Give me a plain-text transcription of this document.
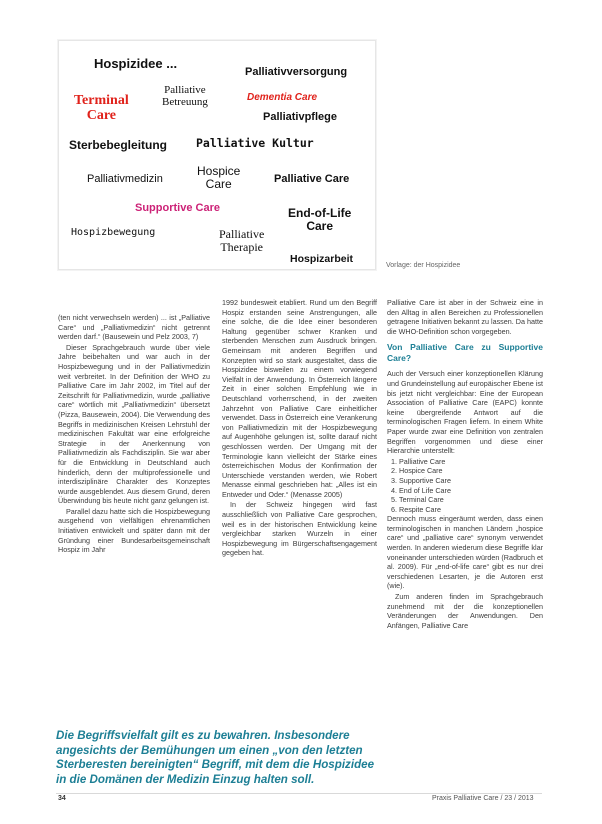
Hospizidee ...
Palliativversorgung
Palliative
Betreuung
Terminal
Care
Dementia Care
Palliativpflege
Sterbebegleitung	Palliative Kultur
Palliativmedizin
Hospice
Care	Palliative Care
Supportive Care	End-of-Life
Care
Hospizbewegung	Palliative
Therapie
Hospizarbeit
Vorlage: der Hospizidee

(ten nicht verwechseln werden) ... ist „Palliative Care“ und „Palliativmedizin“ nicht getrennt werden darf.“ (Bausewein und Pelz 2003, 7)

Dieser Sprachgebrauch wurde über viele Jahre beibehalten und war auch in der Hospizbewegung und in der Palliativmedizin weit verbreitet. In der Definition der WHO zu Palliative Care im Jahr 2002, im Titel auf der Zeitschrift für Palliativmedizin, wurde „palliative care“ wörtlich mit „Palliativmedizin“ übersetzt (Pizza, Bausewein, 2004). Die Verwendung des Begriffs in medizinischen Kreisen Lehrstuhl der medizinischen Fakultät war eine erfolgreiche Strategie in der Anerkennung von Palliativmedizin als Fachdisziplin. Sie war aber für die Entwicklung in Deutschland auch hinderlich, denn der multiprofessionelle und interdisziplinäre Charakter des Konzeptes wurde ausgeblendet. Aus diesem Grund, deren Überwindung bis heute nicht ganz gelungen ist.

Parallel dazu hatte sich die Hospizbewegung ausgehend von vielfältigen ehrenamtlichen Initiativen entwickelt und später dann mit der Gründung einer Bundesarbeitsgemeinschaft Hospiz im Jahr

1992 bundesweit etabliert. Rund um den Begriff Hospiz erstanden seine Anstrengungen, alle eine solche, die die Idee einer besonderen Haltung gegenüber schwer Kranken und sterbenden Menschen zum Ausdruck bringen. Gemeinsam mit anderen Begriffen und Konzepten wird so stark ausgestaltet, dass die Hospizidee bisweilen zu einem vorwiegend Vielfalt in der Anwendung. In Österreich längere Zeit in einer solchen Empfehlung wie in Deutschland vorherrschend, in der zweiten Jahrzehnt von Palliative Care einheitlicher verwendet. Dass in Österreich eine Verankerung von Palliativmedizin mit der Hospizbewegung auf Augenhöhe gelungen ist, sollte darauf nicht geschlossen werden. Der Umgang mit der Terminologie kann vielleicht der Stärke eines österreichischen Modus der Konfirmation der Unterschiede verstanden werden, wie Robert Menasse einmal geschrieben hat: „Alles ist ein Entweder und Oder.“ (Menasse 2005)

In der Schweiz hingegen wird fast ausschließlich von Palliative Care gesprochen, weil es in der historischen Entwicklung keine vergleichbar starken Wurzeln in einer Hospizbewegung im Bürgerschaftsengagement gegeben hat.

Palliative Care ist aber in der Schweiz eine in den Alltag in allen Bereichen zu Professionellen getragene Initiativen bekannt zu lassen. Da hatte die WHO-Definition schon vorgegeben.

Von Palliative Care zu Supportive Care?

Auch der Versuch einer konzeptionellen Klärung und Grundeinstellung auf europäischer Ebene ist bis jetzt nicht vergleichbar: Eine der European Association of Palliative Care (EAPC) konnte keine übergreifende Antwort auf die terminologischen Fragen liefern. In einem White Paper wurde zwar eine Definition von zentralen Begriffen vorgenommen und diese einer Hierarchie unterstellt:

1. Palliative Care
2. Hospice Care
3. Supportive Care
4. End of Life Care
5. Terminal Care
6. Respite Care

Dennoch muss eingeräumt werden, dass einen terminologischen in manchen Ländern „hospice care“ und „palliative care“ synonym verwendet werden. In anderen wiederum diese Begriffe klar voneinander unterschieden würden (Radbruch et al. 2009). Für „end-of-life care“ gibt es nur drei verschiedenen Lesarten, je die Autoren erst (wie).

Zum anderen finden im Sprachgebrauch zunehmend mit der die konzeptionellen Veränderungen der Anwendungen. Den Anfängen, Palliative Care

Die Begriffsvielfalt gilt es zu bewahren. Insbesondere angesichts der Bemühungen um einen „von den letzten Sterberesten bereinigten“ Begriff, mit dem die Hospizidee in die Domänen der Medizin Einzug halten soll.
34	Praxis Palliative Care / 23 / 2013
